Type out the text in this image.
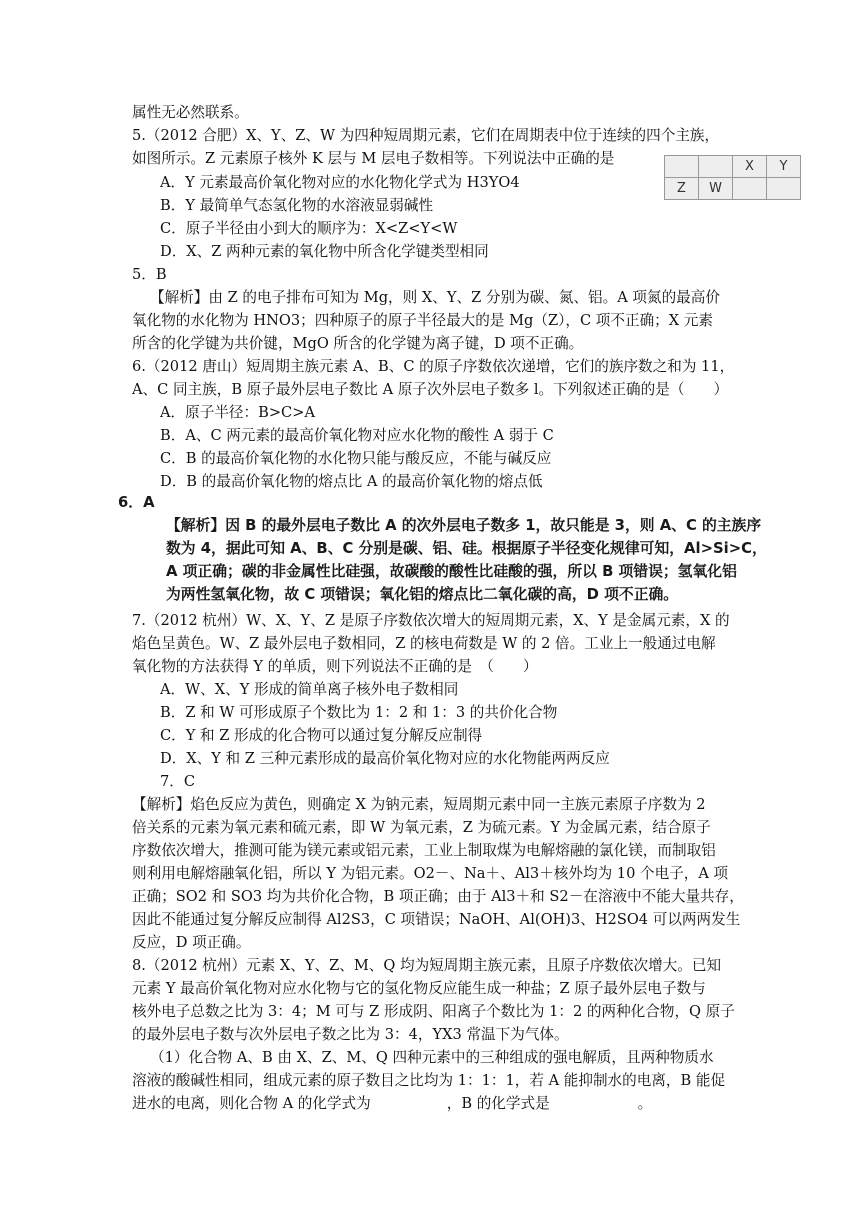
属性无必然联系。
5.（2012 合肥）X、Y、Z、W 为四种短周期元素，它们在周期表中位于连续的四个主族，
如图所示。Z 元素原子核外 K 层与 M 层电子数相等。下列说法中正确的是
			X	Y
Z	W		
A．Y 元素最高价氧化物对应的水化物化学式为 H3YO4
B．Y 最简单气态氢化物的水溶液显弱碱性
C．原子半径由小到大的顺序为：X<Z<Y<W
D．X、Z 两种元素的氧化物中所含化学键类型相同
5．B
【解析】由 Z 的电子排布可知为 Mg，则 X、Y、Z 分别为碳、氮、铝。A 项氮的最高价
氧化物的水化物为 HNO3；四种原子的原子半径最大的是 Mg（Z），C 项不正确；X 元素
所含的化学键为共价键，MgO 所含的化学键为离子键，D 项不正确。
6.（2012 唐山）短周期主族元素 A、B、C 的原子序数依次递增，它们的族序数之和为 11，
A、C 同主族，B 原子最外层电子数比 A 原子次外层电子数多 l。下列叙述正确的是（　　）
A．原子半径：B>C>A
B．A、C 两元素的最高价氧化物对应水化物的酸性 A 弱于 C
C．B 的最高价氧化物的水化物只能与酸反应，不能与碱反应
D．B 的最高价氧化物的熔点比 A 的最高价氧化物的熔点低
6．A
【解析】因 B 的最外层电子数比 A 的次外层电子数多 1，故只能是 3，则 A、C 的主族序
数为 4，据此可知 A、B、C 分别是碳、铝、硅。根据原子半径变化规律可知，Al>Si>C，
A 项正确；碳的非金属性比硅强，故碳酸的酸性比硅酸的强，所以 B 项错误；氢氧化铝
为两性氢氧化物，故 C 项错误；氧化铝的熔点比二氧化碳的高，D 项不正确。
7.（2012 杭州）W、X、Y、Z 是原子序数依次增大的短周期元素，X、Y 是金属元素，X 的
焰色呈黄色。W、Z 最外层电子数相同，Z 的核电荷数是 W 的 2 倍。工业上一般通过电解
氧化物的方法获得 Y 的单质，则下列说法不正确的是　（　　）
A．W、X、Y 形成的简单离子核外电子数相同
B．Z 和 W 可形成原子个数比为 1：2 和 1：3 的共价化合物
C．Y 和 Z 形成的化合物可以通过复分解反应制得
D．X、Y 和 Z 三种元素形成的最高价氧化物对应的水化物能两两反应
7．C
【解析】焰色反应为黄色，则确定 X 为钠元素，短周期元素中同一主族元素原子序数为 2
倍关系的元素为氧元素和硫元素，即 W 为氧元素，Z 为硫元素。Y 为金属元素，结合原子
序数依次增大，推测可能为镁元素或铝元素，工业上制取煤为电解熔融的氯化镁，而制取铝
则利用电解熔融氧化铝，所以 Y 为铝元素。O2－、Na＋、Al3＋核外均为 10 个电子，A 项
正确；SO2 和 SO3 均为共价化合物，B 项正确；由于 Al3＋和 S2－在溶液中不能大量共存，
因此不能通过复分解反应制得 Al2S3，C 项错误；NaOH、Al(OH)3、H2SO4 可以两两发生
反应，D 项正确。
8.（2012 杭州）元素 X、Y、Z、M、Q 均为短周期主族元素，且原子序数依次增大。已知
元素 Y 最高价氧化物对应水化物与它的氢化物反应能生成一种盐；Z 原子最外层电子数与
核外电子总数之比为 3：4；M 可与 Z 形成阴、阳离子个数比为 1：2 的两种化合物，Q 原子
的最外层电子数与次外层电子数之比为 3：4，YX3 常温下为气体。
（1）化合物 A、B 由 X、Z、M、Q 四种元素中的三种组成的强电解质，且两种物质水
溶液的酸碱性相同，组成元素的原子数目之比均为 1：1：1，若 A 能抑制水的电离，B 能促
进水的电离，则化合物 A 的化学式为	，B 的化学式是	。
